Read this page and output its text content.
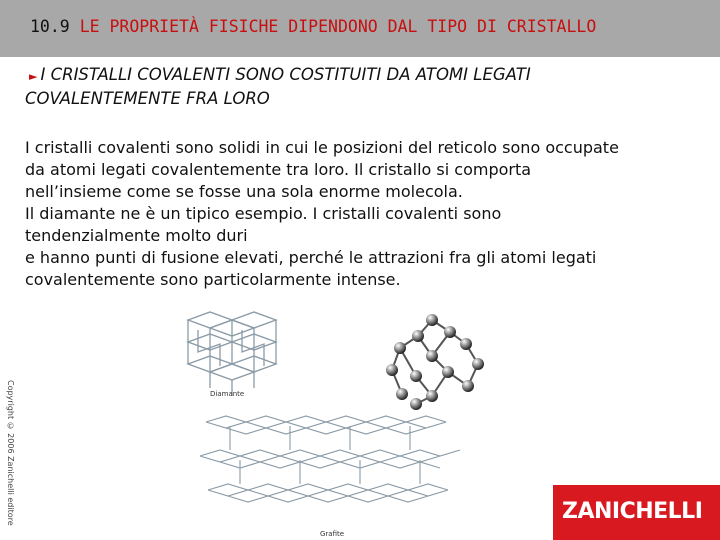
10.9 LE PROPRIETÀ FISICHE DIPENDONO DAL TIPO DI CRISTALLO
► I CRISTALLI COVALENTI SONO COSTITUITI DA ATOMI LEGATI
COVALENTEMENTE FRA LORO

I cristalli covalenti sono solidi in cui le posizioni del reticolo sono occupate

da atomi legati covalentemente tra loro. Il cristallo si comporta

nell’insieme come se fosse una sola enorme molecola.

Il diamante ne è un tipico esempio. I cristalli covalenti sono

tendenzialmente molto duri

e hanno punti di fusione elevati, perché le attrazioni fra gli atomi legati

covalentemente sono particolarmente intense.

Copyright © 2006 Zanichelli editore	Diamante
Grafite
ZANICHELLI
